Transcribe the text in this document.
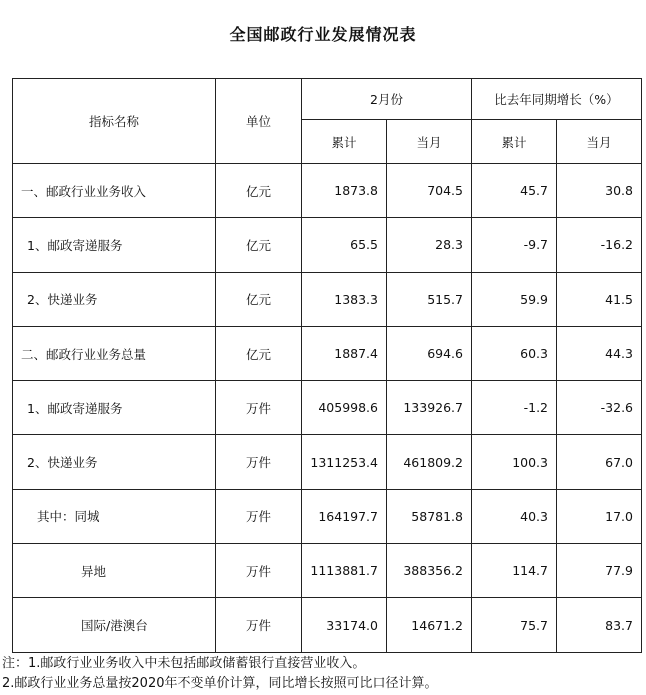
全国邮政行业发展情况表
指标名称	单位	2月份		比去年同期增长（%）	
		累计	当月	累计	当月
一、邮政行业业务收入	亿元	1873.8	704.5	45.7	30.8
1、邮政寄递服务	亿元	65.5	28.3	-9.7	-16.2
2、快递业务	亿元	1383.3	515.7	59.9	41.5
二、邮政行业业务总量	亿元	1887.4	694.6	60.3	44.3
1、邮政寄递服务	万件	405998.6	133926.7	-1.2	-32.6
2、快递业务	万件	1311253.4	461809.2	100.3	67.0
其中：同城	万件	164197.7	58781.8	40.3	17.0
异地	万件	1113881.7	388356.2	114.7	77.9
国际/港澳台	万件	33174.0	14671.2	75.7	83.7
注：1.邮政行业业务收入中未包括邮政储蓄银行直接营业收入。
2.邮政行业业务总量按2020年不变单价计算，同比增长按照可比口径计算。
